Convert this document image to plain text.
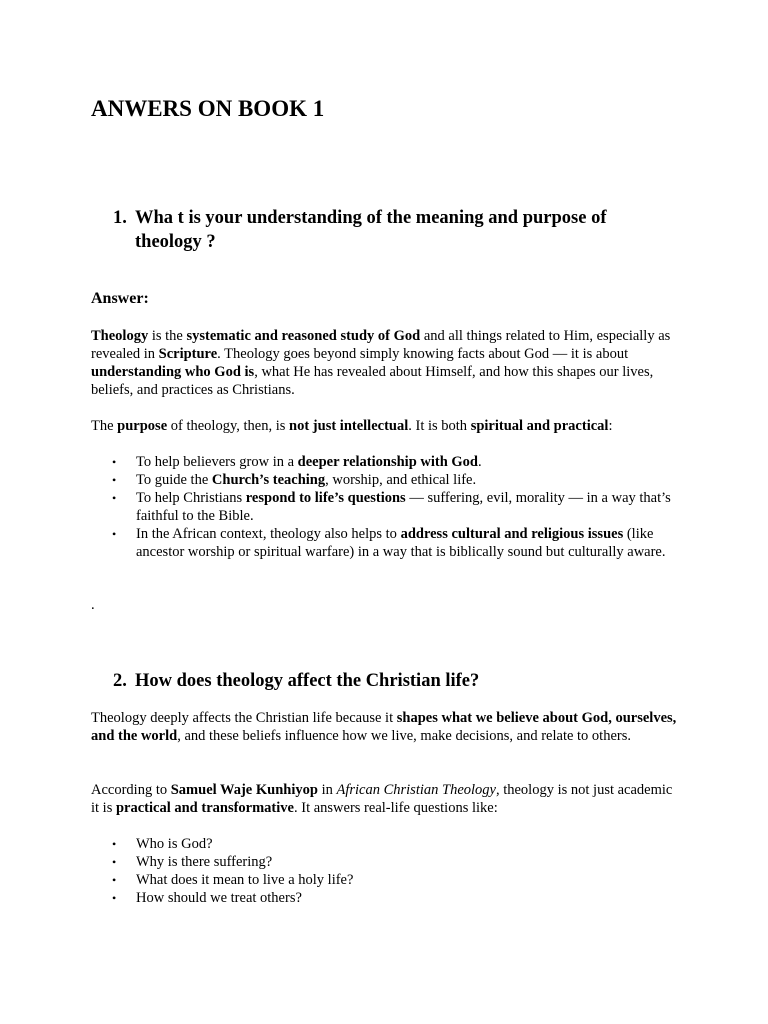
ANWERS ON BOOK 1
1. Wha t is your understanding of the meaning and purpose of theology ?
Answer:

Theology is the systematic and reasoned study of God and all things related to Him, especially as revealed in Scripture. Theology goes beyond simply knowing facts about God — it is about understanding who God is, what He has revealed about Himself, and how this shapes our lives, beliefs, and practices as Christians.

The purpose of theology, then, is not just intellectual. It is both spiritual and practical:

• To help believers grow in a deeper relationship with God.
• To guide the Church’s teaching, worship, and ethical life.
• To help Christians respond to life’s questions — suffering, evil, morality — in a way that’s faithful to the Bible.
• In the African context, theology also helps to address cultural and religious issues (like ancestor worship or spiritual warfare) in a way that is biblically sound but culturally aware.

.

2. How does theology affect the Christian life?

Theology deeply affects the Christian life because it shapes what we believe about God, ourselves, and the world, and these beliefs influence how we live, make decisions, and relate to others.

According to Samuel Waje Kunhiyop in African Christian Theology, theology is not just academic it is practical and transformative. It answers real-life questions like:

• Who is God?
• Why is there suffering?
• What does it mean to live a holy life?
• How should we treat others?
